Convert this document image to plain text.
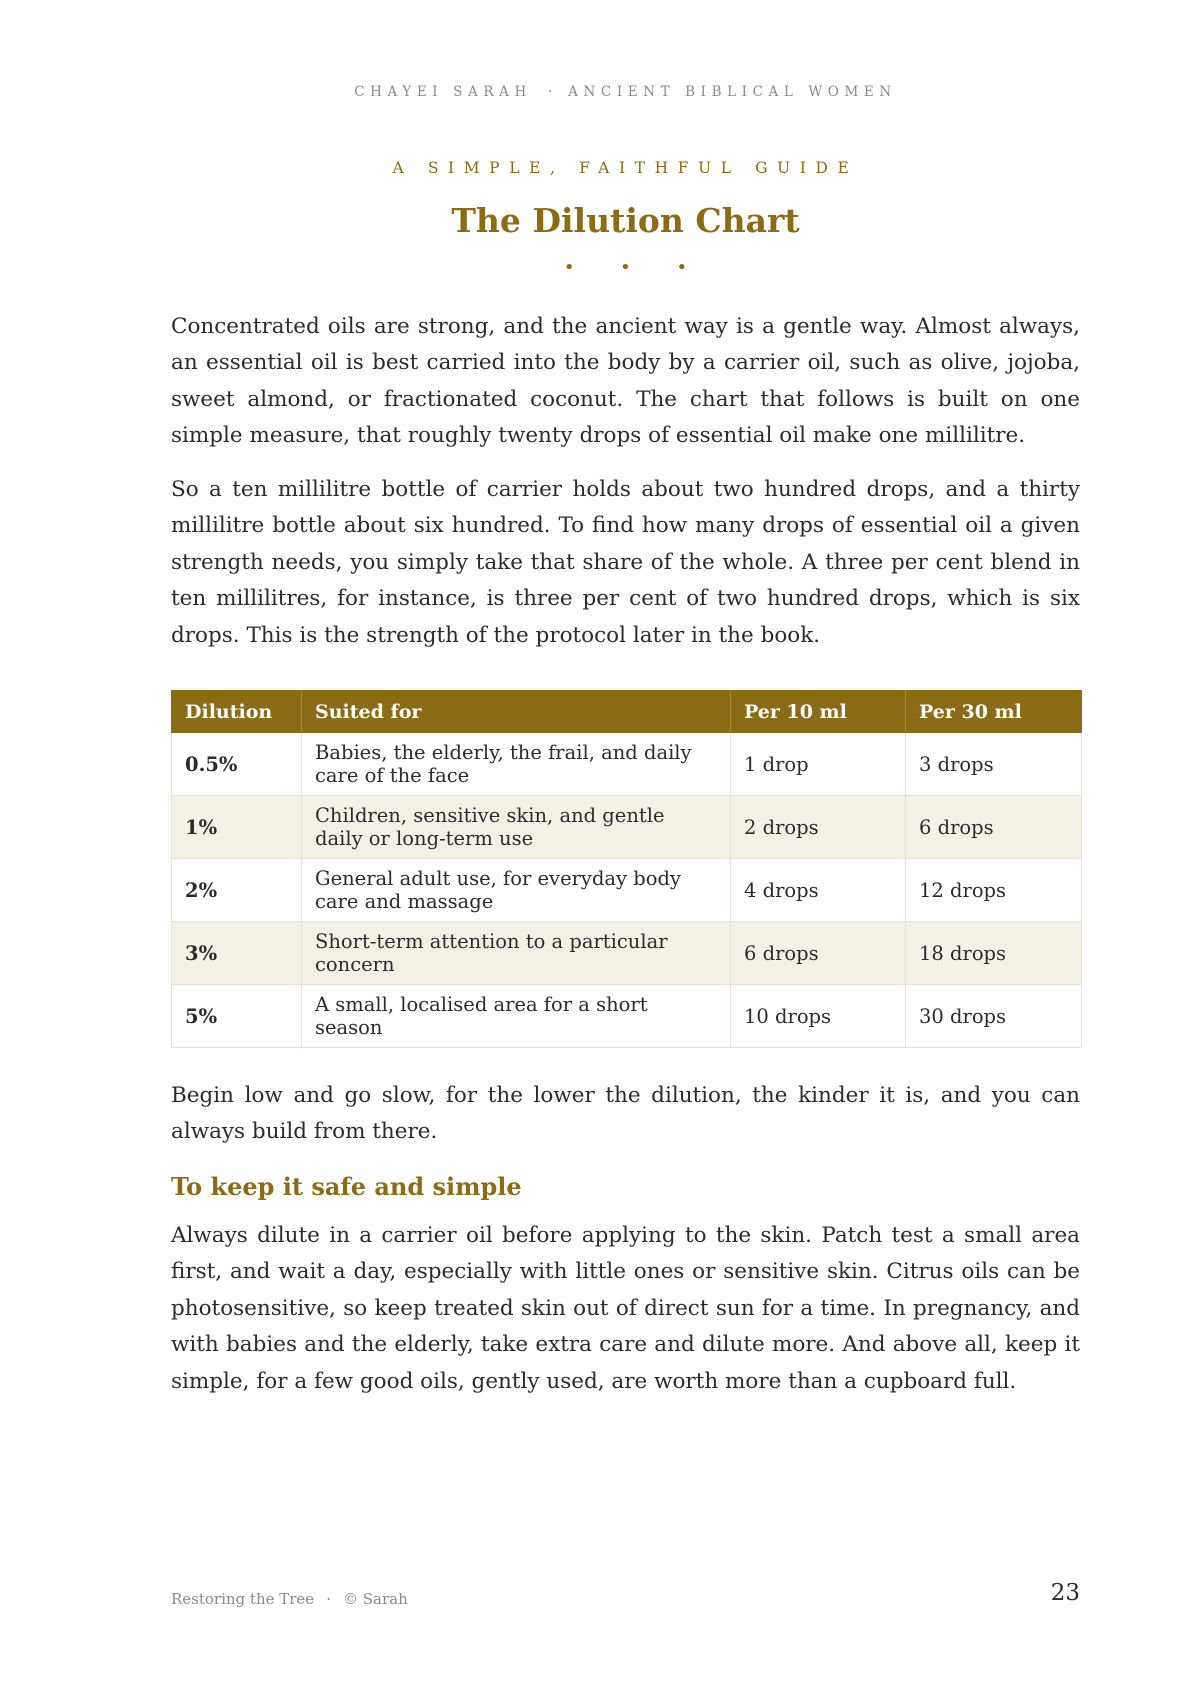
CHAYEI SARAH · ANCIENT BIBLICAL WOMEN
A SIMPLE, FAITHFUL GUIDE
The Dilution Chart
• • •

Concentrated oils are strong, and the ancient way is a gentle way. Almost always, an essential oil is best carried into the body by a carrier oil, such as olive, jojoba, sweet almond, or fractionated coconut. The chart that follows is built on one simple measure, that roughly twenty drops of essential oil make one millilitre.

So a ten millilitre bottle of carrier holds about two hundred drops, and a thirty millilitre bottle about six hundred. To find how many drops of essential oil a given strength needs, you simply take that share of the whole. A three per cent blend in ten millilitres, for instance, is three per cent of two hundred drops, which is six drops. This is the strength of the protocol later in the book.

Dilution	Suited for	Per 10 ml	Per 30 ml
0.5%	Babies, the elderly, the frail, and daily care of the face	1 drop	3 drops
1%	Children, sensitive skin, and gentle daily or long-term use	2 drops	6 drops
2%	General adult use, for everyday body care and massage	4 drops	12 drops
3%	Short-term attention to a particular concern	6 drops	18 drops
5%	A small, localised area for a short season	10 drops	30 drops

Begin low and go slow, for the lower the dilution, the kinder it is, and you can always build from there.

To keep it safe and simple

Always dilute in a carrier oil before applying to the skin. Patch test a small area first, and wait a day, especially with little ones or sensitive skin. Citrus oils can be photosensitive, so keep treated skin out of direct sun for a time. In pregnancy, and with babies and the elderly, take extra care and dilute more. And above all, keep it simple, for a few good oils, gently used, are worth more than a cupboard full.

Restoring the Tree · © Sarah	23
